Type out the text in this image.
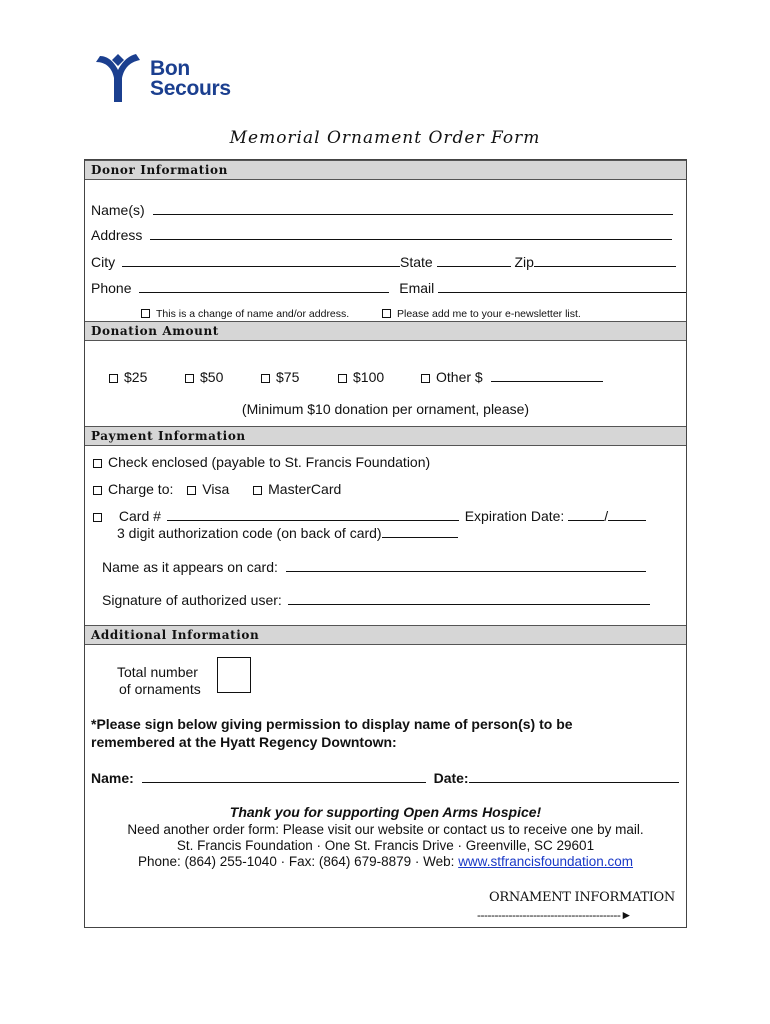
Bon
Secours
Memorial Ornament Order Form
Donor Information
Name(s)
Address
City	State	Zip
Phone	Email
This is a change of name and/or address.	Please add me to your e-newsletter list.
Donation Amount
$25	$50	$75	$100	Other $
(Minimum $10 donation per ornament, please)
Payment Information
Check enclosed (payable to St. Francis Foundation)
Charge to: Visa	MasterCard
Card #	Expiration Date:	/
3 digit authorization code (on back of card)
Name as it appears on card:
Signature of authorized user:
Additional Information
Total number
of ornaments
*Please sign below giving permission to display name of person(s) to be
remembered at the Hyatt Regency Downtown:
Name:	Date:
Thank you for supporting Open Arms Hospice!
Need another order form: Please visit our website or contact us to receive one by mail.
St. Francis Foundation · One St. Francis Drive · Greenville, SC 29601
Phone: (864) 255-1040 · Fax: (864) 679-8879 · Web: www.stfrancisfoundation.com
ORNAMENT INFORMATION
-----------------------------------------►
